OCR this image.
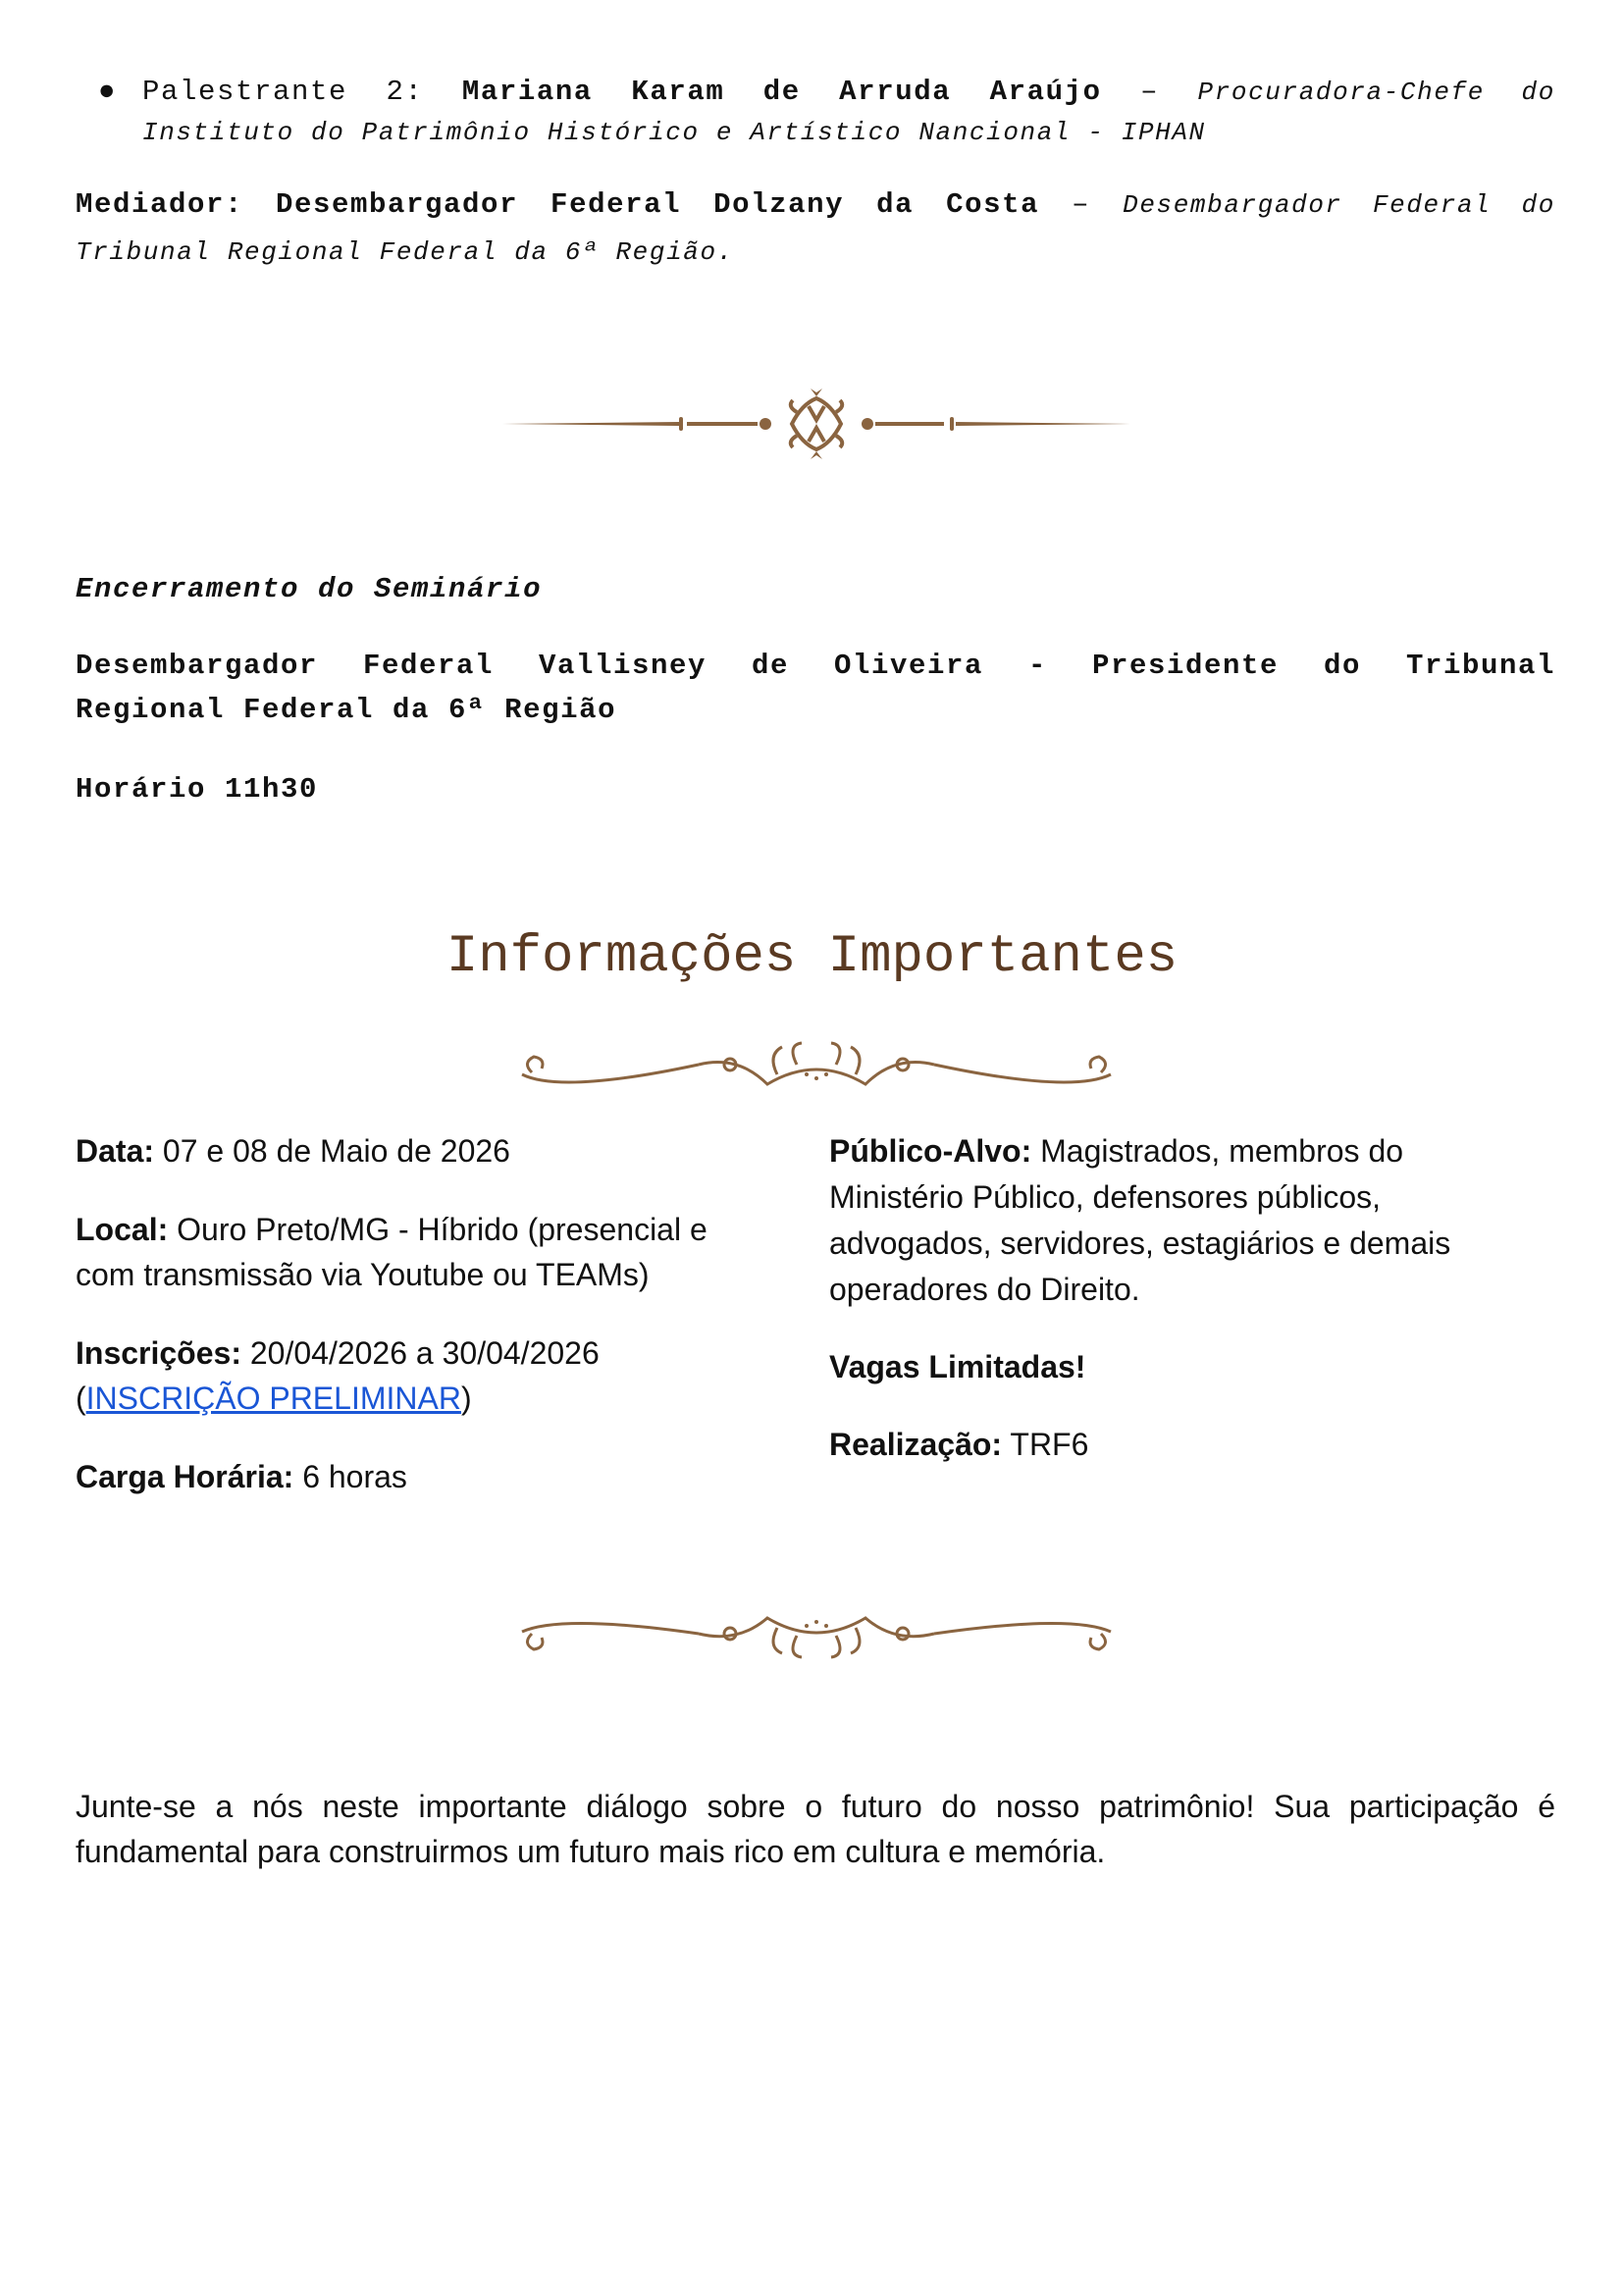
● Palestrante 2: Mariana Karam de Arruda Araújo – Procuradora-Chefe do
Instituto do Patrimônio Histórico e Artístico Nancional - IPHAN
Mediador: Desembargador Federal Dolzany da Costa – Desembargador Federal do
Tribunal Regional Federal da 6ª Região.
Encerramento do Seminário
Desembargador Federal Vallisney de Oliveira - Presidente do Tribunal
Regional Federal da 6ª Região
Horário 11h30
Informações Importantes
Data: 07 e 08 de Maio de 2026
Local: Ouro Preto/MG - Híbrido (presencial e
com transmissão via Youtube ou TEAMs)
Inscrições: 20/04/2026 a 30/04/2026
(INSCRIÇÃO PRELIMINAR)
Carga Horária: 6 horas
Público-Alvo: Magistrados, membros do
Ministério Público, defensores públicos,
advogados, servidores, estagiários e demais
operadores do Direito.
Vagas Limitadas!
Realização: TRF6
Junte-se a nós neste importante diálogo sobre o futuro do nosso patrimônio! Sua participação é
fundamental para construirmos um futuro mais rico em cultura e memória.
